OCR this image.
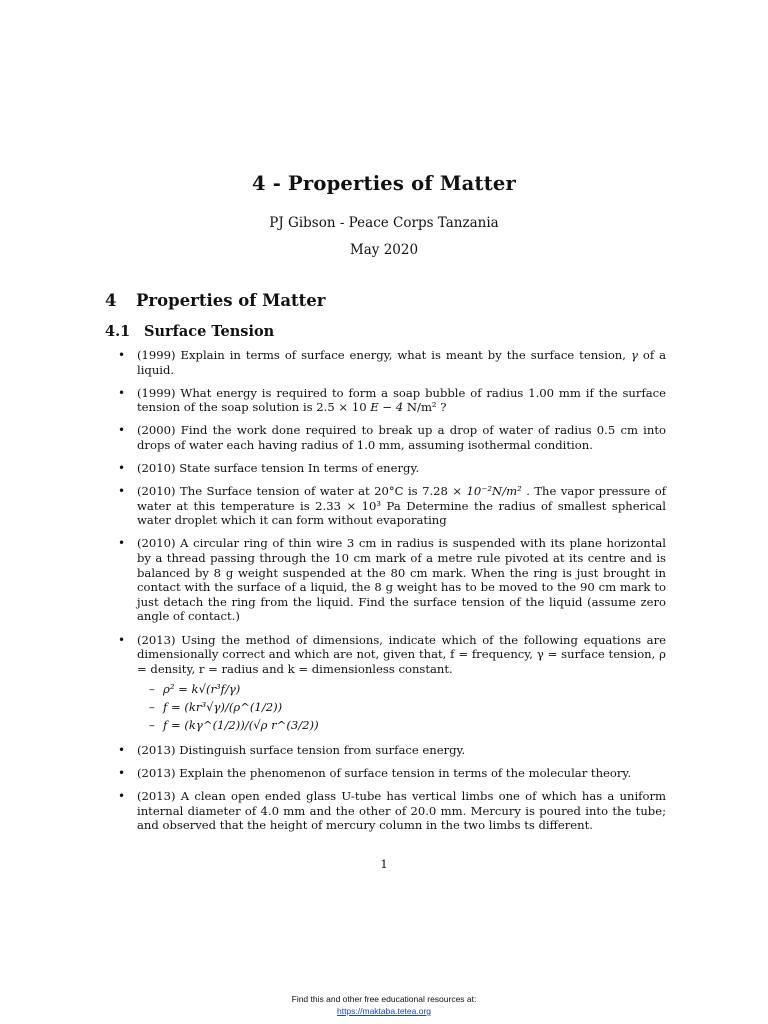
4 - Properties of Matter
PJ Gibson - Peace Corps Tanzania
May 2020
4 Properties of Matter
4.1 Surface Tension
• (1999) Explain in terms of surface energy, what is meant by the surface tension, γ of a liquid.
• (1999) What energy is required to form a soap bubble of radius 1.00 mm if the surface tension of the soap solution is 2.5 × 10 E − 4 N/m² ?
• (2000) Find the work done required to break up a drop of water of radius 0.5 cm into drops of water each having radius of 1.0 mm, assuming isothermal condition.
• (2010) State surface tension In terms of energy.
• (2010) The Surface tension of water at 20°C is 7.28 × 10⁻²N/m² . The vapor pressure of water at this temperature is 2.33 × 10³ Pa Determine the radius of smallest spherical water droplet which it can form without evaporating
• (2010) A circular ring of thin wire 3 cm in radius is suspended with its plane horizontal by a thread passing through the 10 cm mark of a metre rule pivoted at its centre and is balanced by 8 g weight suspended at the 80 cm mark. When the ring is just brought in contact with the surface of a liquid, the 8 g weight has to be moved to the 90 cm mark to just detach the ring from the liquid. Find the surface tension of the liquid (assume zero angle of contact.)
• (2013) Using the method of dimensions, indicate which of the following equations are dimensionally correct and which are not, given that, f = frequency, γ = surface tension, ρ = density, r = radius and k = dimensionless constant.
– ρ² = k√(r³f/γ)
– f = (kr³√γ)/(ρ^(1/2))
– f = (kγ^(1/2))/(√ρ r^(3/2))
• (2013) Distinguish surface tension from surface energy.
• (2013) Explain the phenomenon of surface tension in terms of the molecular theory.
• (2013) A clean open ended glass U-tube has vertical limbs one of which has a uniform internal diameter of 4.0 mm and the other of 20.0 mm. Mercury is poured into the tube; and observed that the height of mercury column in the two limbs ts different.
1
Find this and other free educational resources at:
https://maktaba.tetea.org
